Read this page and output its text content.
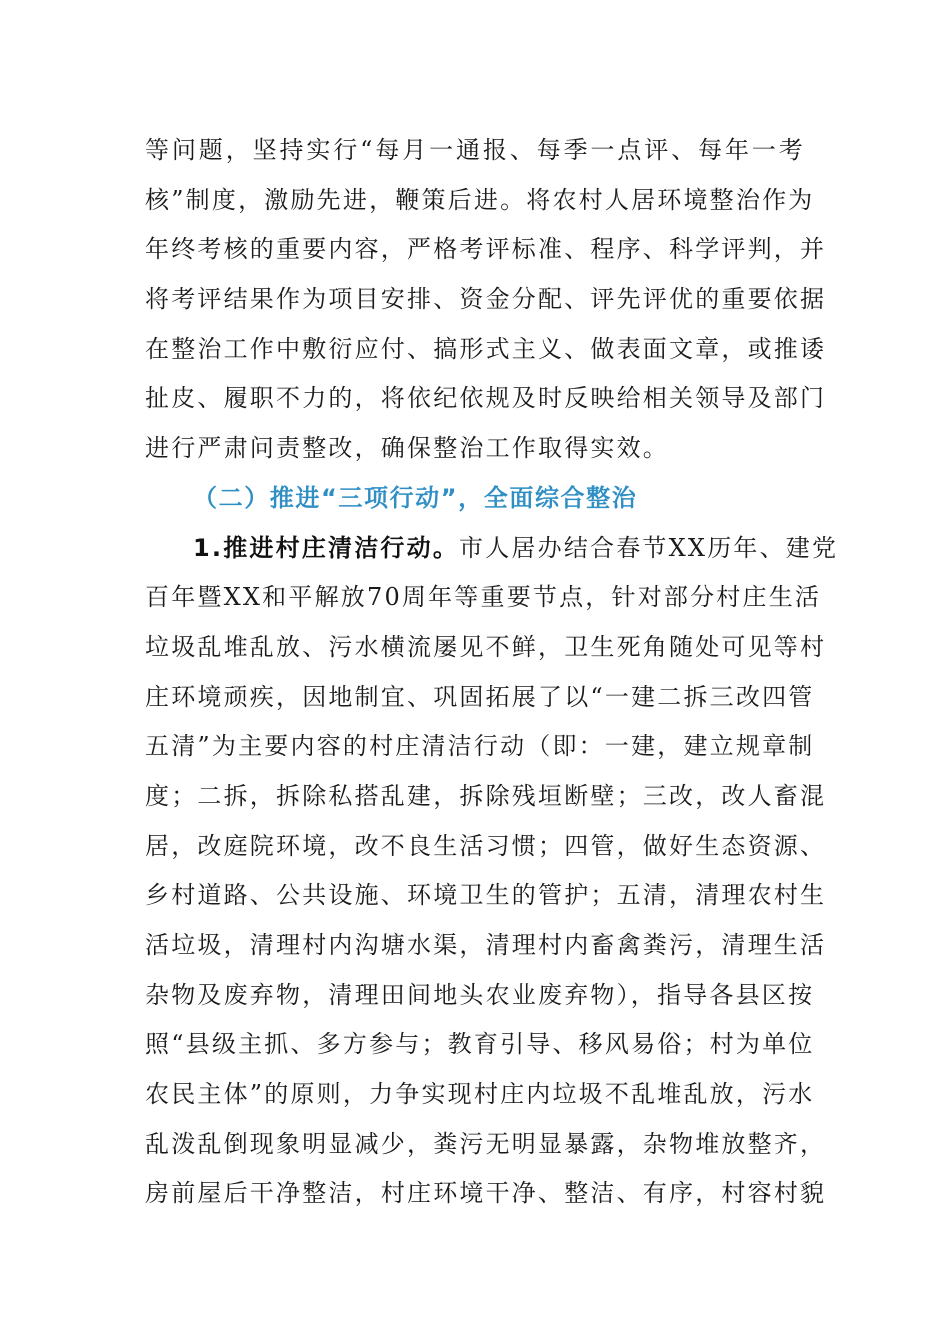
等问题，坚持实行“每月一通报、每季一点评、每年一考
核”制度，激励先进，鞭策后进。将农村人居环境整治作为
年终考核的重要内容，严格考评标准、程序、科学评判，并
将考评结果作为项目安排、资金分配、评先评优的重要依据
在整治工作中敷衍应付、搞形式主义、做表面文章，或推诿
扯皮、履职不力的，将依纪依规及时反映给相关领导及部门
进行严肃问责整改，确保整治工作取得实效。
（二）推进“三项行动”，全面综合整治
1.推进村庄清洁行动。市人居办结合春节XX历年、建党
百年暨XX和平解放70周年等重要节点，针对部分村庄生活
垃圾乱堆乱放、污水横流屡见不鲜，卫生死角随处可见等村
庄环境顽疾，因地制宜、巩固拓展了以“一建二拆三改四管
五清”为主要内容的村庄清洁行动（即：一建，建立规章制
度；二拆，拆除私搭乱建，拆除残垣断壁；三改，改人畜混
居，改庭院环境，改不良生活习惯；四管，做好生态资源、
乡村道路、公共设施、环境卫生的管护；五清，清理农村生
活垃圾，清理村内沟塘水渠，清理村内畜禽粪污，清理生活
杂物及废弃物，清理田间地头农业废弃物），指导各县区按
照“县级主抓、多方参与；教育引导、移风易俗；村为单位
农民主体”的原则，力争实现村庄内垃圾不乱堆乱放，污水
乱泼乱倒现象明显减少，粪污无明显暴露，杂物堆放整齐，
房前屋后干净整洁，村庄环境干净、整洁、有序，村容村貌
